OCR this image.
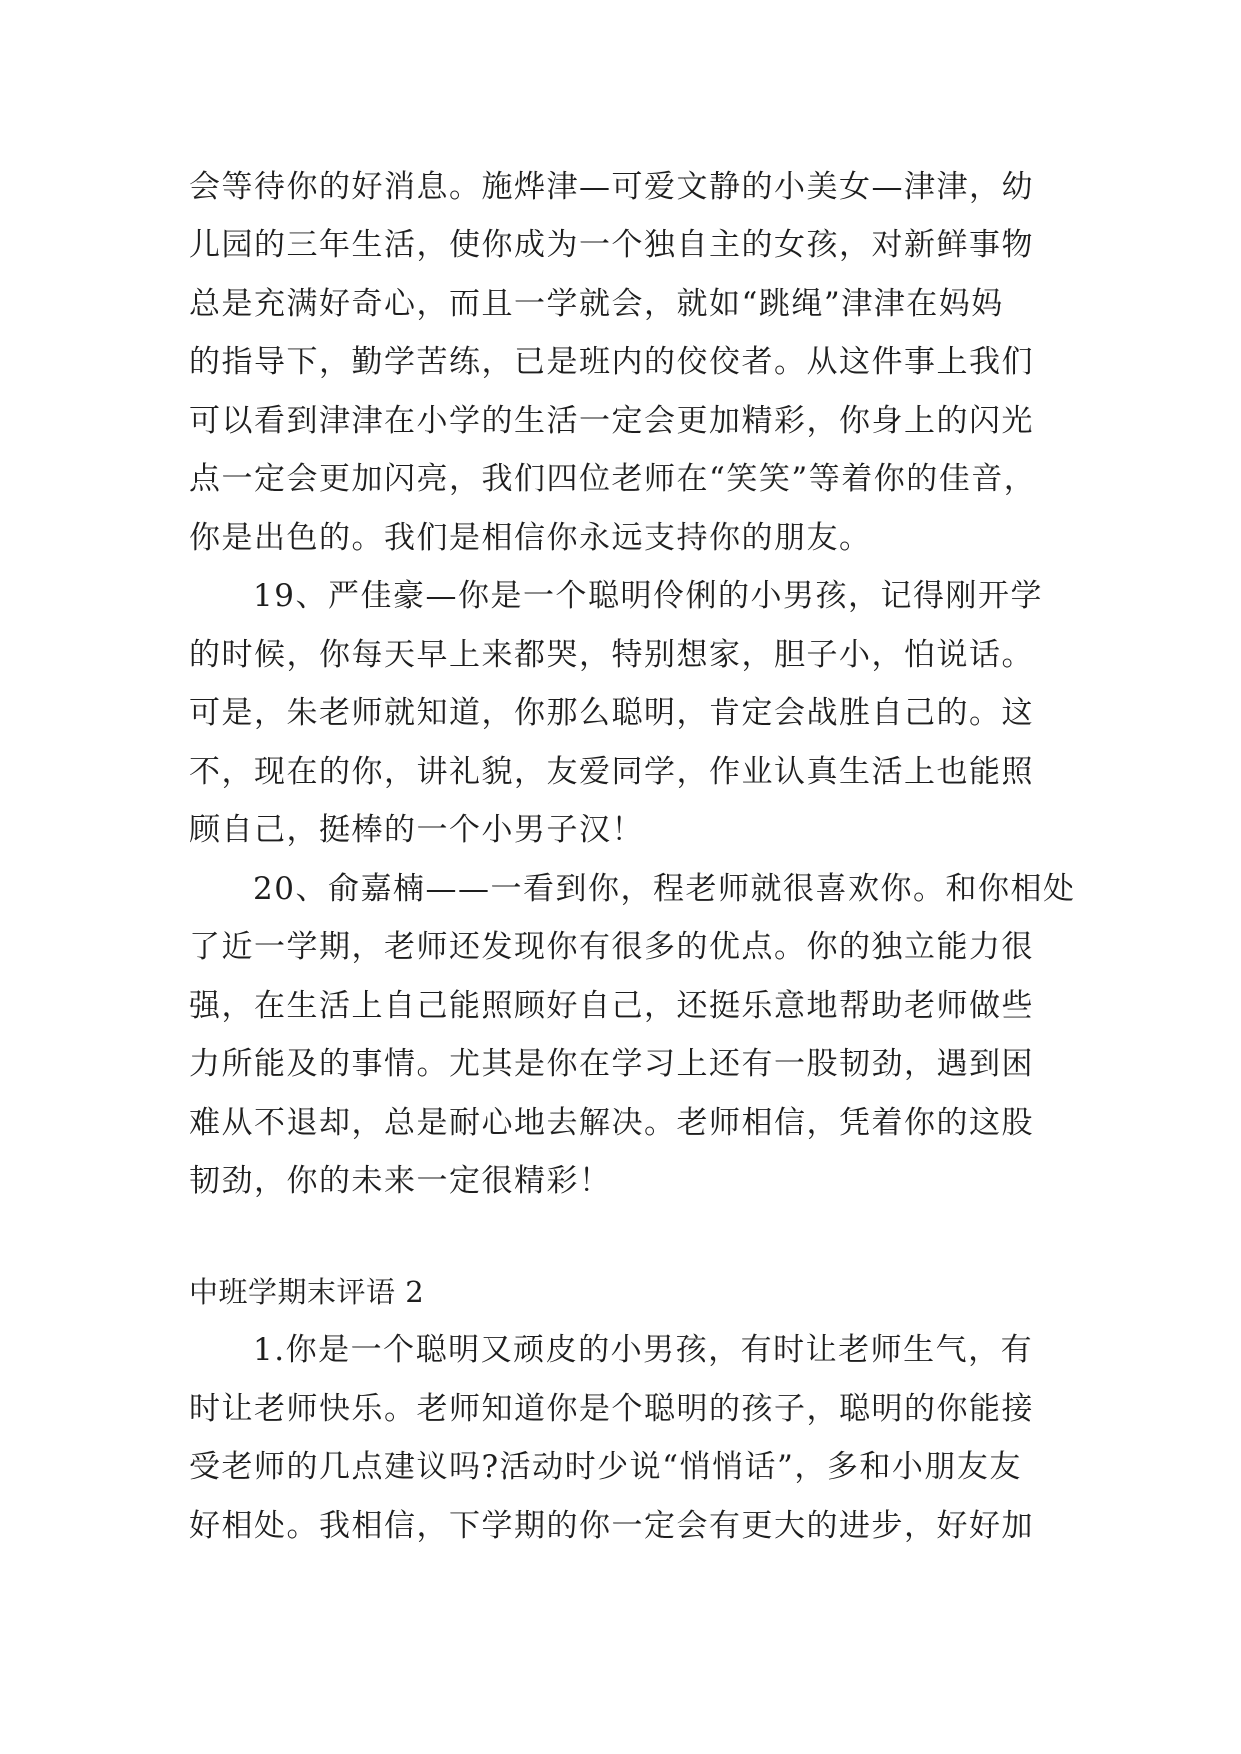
会等待你的好消息。施烨津—可爱文静的小美女—津津，幼
儿园的三年生活，使你成为一个独自主的女孩，对新鲜事物
总是充满好奇心，而且一学就会，就如“跳绳”津津在妈妈
的指导下，勤学苦练，已是班内的佼佼者。从这件事上我们
可以看到津津在小学的生活一定会更加精彩，你身上的闪光
点一定会更加闪亮，我们四位老师在“笑笑”等着你的佳音，
你是出色的。我们是相信你永远支持你的朋友。
19、严佳豪—你是一个聪明伶俐的小男孩，记得刚开学
的时候，你每天早上来都哭，特别想家，胆子小，怕说话。
可是，朱老师就知道，你那么聪明，肯定会战胜自己的。这
不，现在的你，讲礼貌，友爱同学，作业认真生活上也能照
顾自己，挺棒的一个小男子汉！
20、俞嘉楠——一看到你，程老师就很喜欢你。和你相处
了近一学期，老师还发现你有很多的优点。你的独立能力很
强，在生活上自己能照顾好自己，还挺乐意地帮助老师做些
力所能及的事情。尤其是你在学习上还有一股韧劲，遇到困
难从不退却，总是耐心地去解决。老师相信，凭着你的这股
韧劲，你的未来一定很精彩！
中班学期末评语 2
1.你是一个聪明又顽皮的小男孩，有时让老师生气，有
时让老师快乐。老师知道你是个聪明的孩子，聪明的你能接
受老师的几点建议吗?活动时少说“悄悄话”，多和小朋友友
好相处。我相信，下学期的你一定会有更大的进步，好好加
